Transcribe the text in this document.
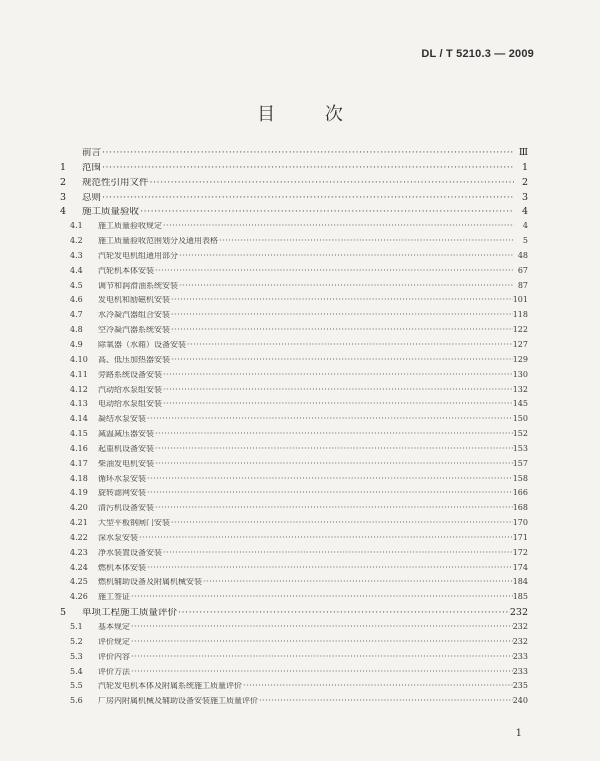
DL / T 5210.3 — 2009
目 次
前言 ·····	Ⅲ
1	范围 ·····	1
2	规范性引用文件 ·····	2
3	总则 ·····	3
4	施工质量验收 ·····	4
4.1	施工质量验收规定 ·····	4
4.2	施工质量验收范围划分及通用表格 ·····	5
4.3	汽轮发电机组通用部分 ·····	48
4.4	汽轮机本体安装 ·····	67
4.5	调节和润滑油系统安装 ·····	87
4.6	发电机和励磁机安装 ·····	101
4.7	水冷凝汽器组合安装 ·····	118
4.8	空冷凝汽器系统安装 ·····	122
4.9	除氧器（水箱）设备安装 ·····	127
4.10	高、低压加热器安装 ·····	129
4.11	旁路系统设备安装 ·····	130
4.12	汽动给水泵组安装 ·····	132
4.13	电动给水泵组安装 ·····	145
4.14	凝结水泵安装 ·····	150
4.15	减温减压器安装 ·····	152
4.16	起重机设备安装 ·····	153
4.17	柴油发电机安装 ·····	157
4.18	循环水泵安装 ·····	158
4.19	旋转滤网安装 ·····	166
4.20	清污机设备安装 ·····	168
4.21	大型平板钢闸门安装 ·····	170
4.22	深水泵安装 ·····	171
4.23	净水装置设备安装 ·····	172
4.24	燃机本体安装 ·····	174
4.25	燃机辅助设备及附属机械安装 ·····	184
4.26	施工签证 ·····	185
5	单项工程施工质量评价 ·····	232
5.1	基本规定 ·····	232
5.2	评价规定 ·····	232
5.3	评价内容 ·····	233
5.4	评价方法 ·····	233
5.5	汽轮发电机本体及附属系统施工质量评价 ·····	235
5.6	厂房内附属机械及辅助设备安装施工质量评价 ·····	240
1
